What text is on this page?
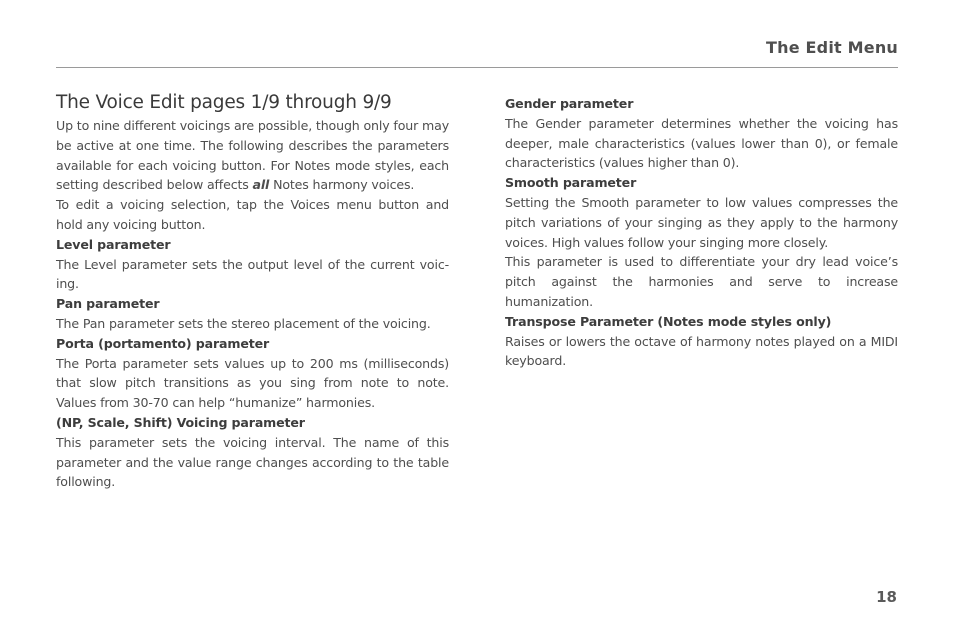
The Edit Menu
The Voice Edit pages 1/9 through 9/9

Up to nine different voicings are possible, though only four may be active at one time. The following describes the parameters available for each voicing button. For Notes mode styles, each setting described below affects all Notes harmony voices.

To edit a voicing selection, tap the Voices menu button and hold any voicing button.

Level parameter

The Level parameter sets the output level of the current voic-ing.

Pan parameter

The Pan parameter sets the stereo placement of the voicing.

Porta (portamento) parameter

The Porta parameter sets values up to 200 ms (milliseconds) that slow pitch transitions as you sing from note to note. Values from 30-70 can help “humanize” harmonies.

(NP, Scale, Shift) Voicing parameter

This parameter sets the voicing interval. The name of this parameter and the value range changes according to the table following.

Gender parameter

The Gender parameter determines whether the voicing has deeper, male characteristics (values lower than 0), or female characteristics (values higher than 0).

Smooth parameter

Setting the Smooth parameter to low values compresses the pitch variations of your singing as they apply to the harmony voices. High values follow your singing more closely.

This parameter is used to differentiate your dry lead voice’s pitch against the harmonies and serve to increase humanization.

Transpose Parameter (Notes mode styles only)

Raises or lowers the octave of harmony notes played on a MIDI keyboard.

18
